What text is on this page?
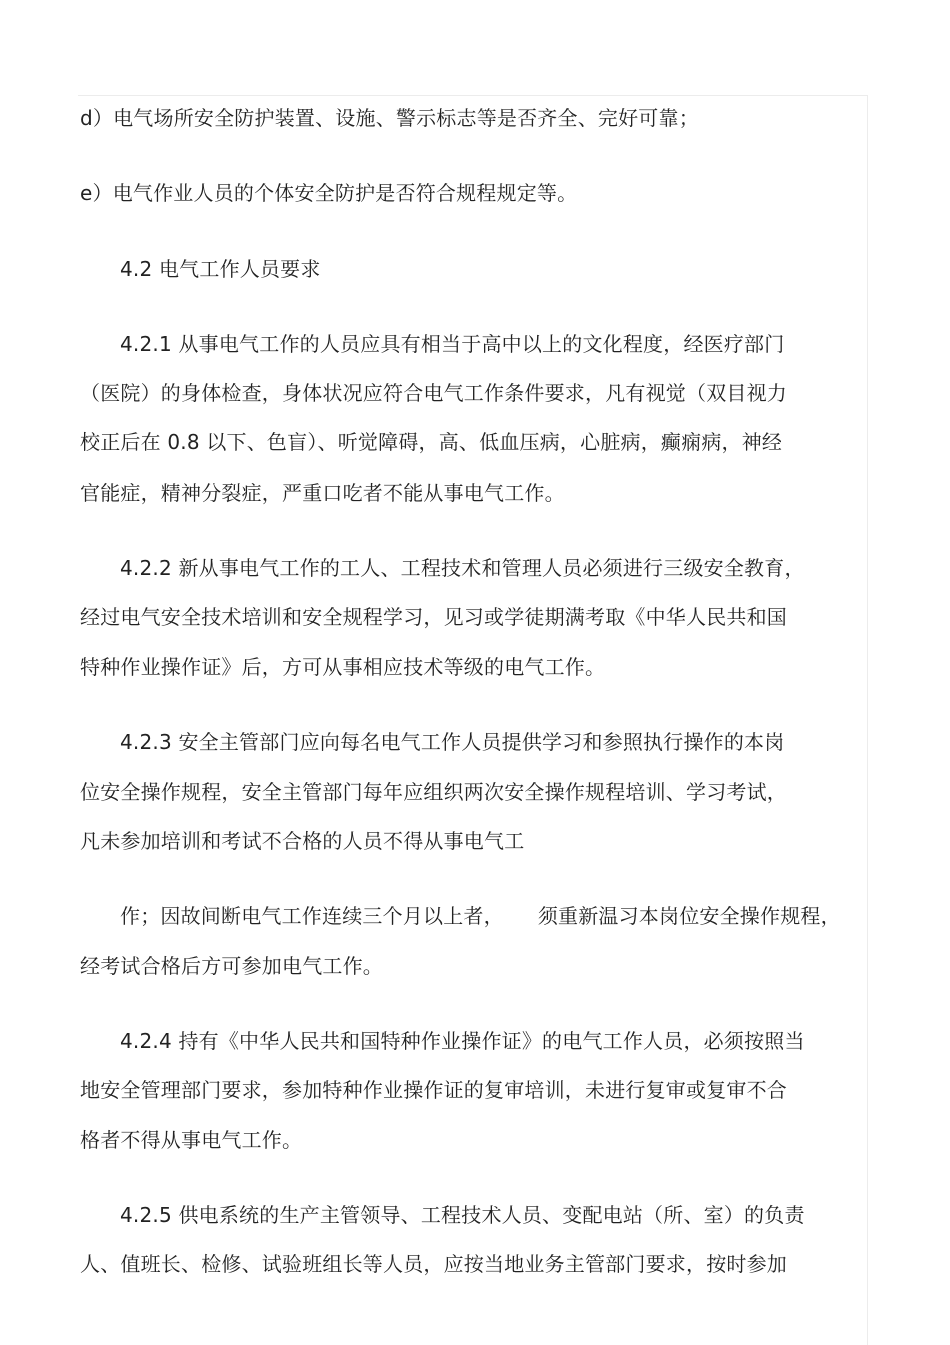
d）电气场所安全防护装置、设施、警示标志等是否齐全、完好可靠；
e）电气作业人员的个体安全防护是否符合规程规定等。
4.2 电气工作人员要求
4.2.1 从事电气工作的人员应具有相当于高中以上的文化程度，经医疗部门
（医院）的身体检查，身体状况应符合电气工作条件要求，凡有视觉（双目视力
校正后在 0.8 以下、色盲）、听觉障碍，高、低血压病，心脏病，癫痫病，神经
官能症，精神分裂症，严重口吃者不能从事电气工作。
4.2.2 新从事电气工作的工人、工程技术和管理人员必须进行三级安全教育，
经过电气安全技术培训和安全规程学习，见习或学徒期满考取《中华人民共和国
特种作业操作证》后，方可从事相应技术等级的电气工作。
4.2.3 安全主管部门应向每名电气工作人员提供学习和参照执行操作的本岗
位安全操作规程，安全主管部门每年应组织两次安全操作规程培训、学习考试，
凡未参加培训和考试不合格的人员不得从事电气工
作；因故间断电气工作连续三个月以上者， 须重新温习本岗位安全操作规程，
经考试合格后方可参加电气工作。
4.2.4 持有《中华人民共和国特种作业操作证》的电气工作人员，必须按照当
地安全管理部门要求，参加特种作业操作证的复审培训，未进行复审或复审不合
格者不得从事电气工作。
4.2.5 供电系统的生产主管领导、工程技术人员、变配电站（所、室）的负责
人、值班长、检修、试验班组长等人员，应按当地业务主管部门要求，按时参加
